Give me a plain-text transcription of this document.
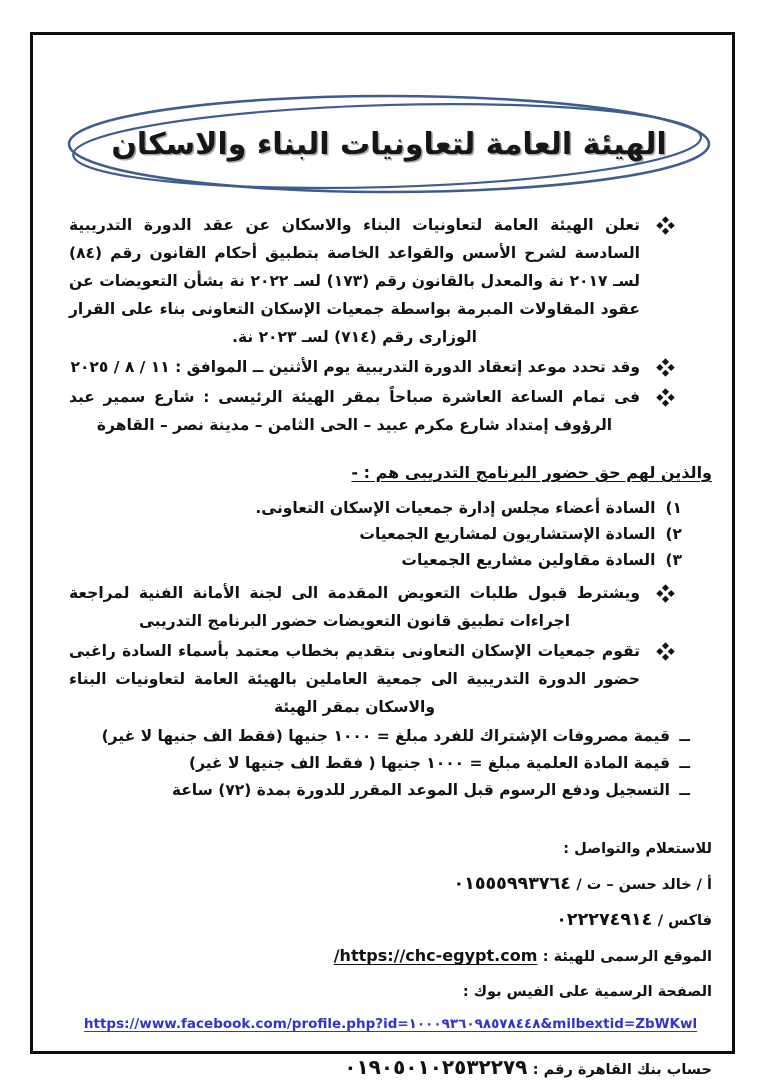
الهيئة العامة لتعاونيات البناء والاسكان
تعلن الهيئة العامة لتعاونيات البناء والاسكان عن عقد الدورة التدريبية السادسة لشرح الأسس والقواعد الخاصة بتطبيق أحكام القانون رقم (٨٤) لسـ ٢٠١٧ نة والمعدل بالقانون رقم (١٧٣) لسـ ٢٠٢٢ نة بشأن التعويضات عن عقود المقاولات المبرمة بواسطة جمعيات الإسكان التعاونى بناء على القرار الوزارى رقم (٧١٤) لسـ ٢٠٢٣ نة.
وقد تحدد موعد إتعقاد الدورة التدريبية يوم الأثنين ــ الموافق : ١١ / ٨ / ٢٠٢٥
فى تمام الساعة العاشرة صباحاً بمقر الهيئة الرئيسى : شارع سمير عبد الرؤوف إمتداد شارع مكرم عبيد – الحى الثامن – مدينة نصر – القاهرة
والذين لهم حق حضور البرنامج التدريبى هم : -
١)السادة أعضاء مجلس إدارة جمعيات الإسكان التعاونى.
٢)السادة الإستشاريون لمشاريع الجمعيات
٣)السادة مقاولين مشاريع الجمعيات
ويشترط قبول طلبات التعويض المقدمة الى لجنة الأمانة الفنية لمراجعة اجراءات تطبيق قانون التعويضات حضور البرنامج التدريبى
تقوم جمعيات الإسكان التعاونى بتقديم بخطاب معتمد بأسماء السادة راغبى حضور الدورة التدريبية الى جمعية العاملين بالهيئة العامة لتعاونيات البناء والاسكان بمقر الهيئة
ــ قيمة مصروفات الإشتراك للفرد مبلغ = ١٠٠٠ جنيها (فقط الف جنيها لا غير)
ــ قيمة المادة العلمية مبلغ = ١٠٠٠ جنيها ( فقط الف جنيها لا غير)
ــ التسجيل ودفع الرسوم قبل الموعد المقرر للدورة بمدة (٧٢) ساعة
للاستعلام والتواصل :
أ / خالد حسن – ت / ٠١٥٥٥٩٩٣٧٦٤
فاكس / ٠٢٢٢٧٤٩١٤
الموقع الرسمى للهيئة : https://chc-egypt.com/
الصفحة الرسمية على الفيس بوك :
https://www.facebook.com/profile.php?id=١٠٠٠٩٣٦٠٩٨٥٧٨٤٤٨&milbextid=ZbWKwl
حساب بنك القاهرة رقم : ٠١٩٠٥٠١٠٢٥٣٢٢٧٩
